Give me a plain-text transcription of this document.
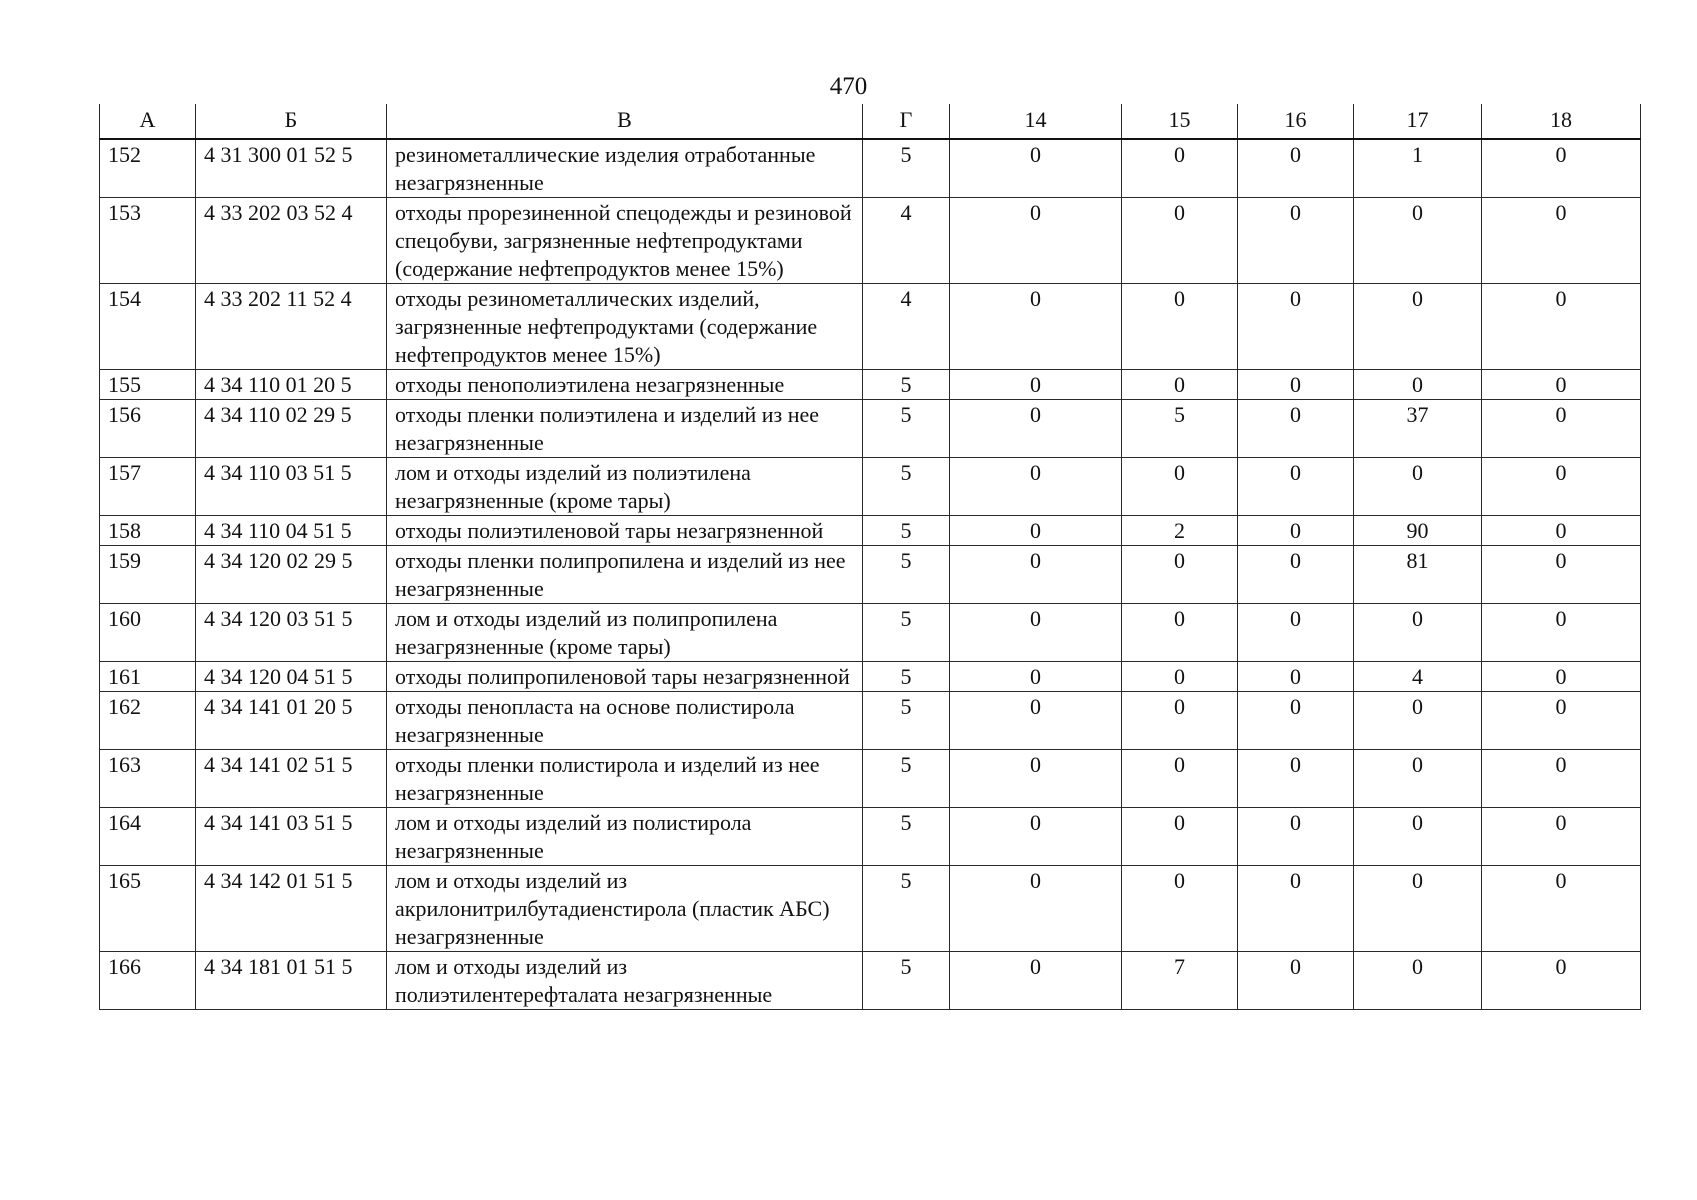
470
А	Б	В	Г	14	15	16	17	18
152	4 31 300 01 52 5	резинометаллические изделия отработанные незагрязненные	5	0	0	0	1	0
153	4 33 202 03 52 4	отходы прорезиненной спецодежды и резиновой спецобуви, загрязненные нефтепродуктами (содержание нефтепродуктов менее 15%)	4	0	0	0	0	0
154	4 33 202 11 52 4	отходы резинометаллических изделий, загрязненные нефтепродуктами (содержание нефтепродуктов менее 15%)	4	0	0	0	0	0
155	4 34 110 01 20 5	отходы пенополиэтилена незагрязненные	5	0	0	0	0	0
156	4 34 110 02 29 5	отходы пленки полиэтилена и изделий из нее незагрязненные	5	0	5	0	37	0
157	4 34 110 03 51 5	лом и отходы изделий из полиэтилена незагрязненные (кроме тары)	5	0	0	0	0	0
158	4 34 110 04 51 5	отходы полиэтиленовой тары незагрязненной	5	0	2	0	90	0
159	4 34 120 02 29 5	отходы пленки полипропилена и изделий из нее незагрязненные	5	0	0	0	81	0
160	4 34 120 03 51 5	лом и отходы изделий из полипропилена незагрязненные (кроме тары)	5	0	0	0	0	0
161	4 34 120 04 51 5	отходы полипропиленовой тары незагрязненной	5	0	0	0	4	0
162	4 34 141 01 20 5	отходы пенопласта на основе полистирола незагрязненные	5	0	0	0	0	0
163	4 34 141 02 51 5	отходы пленки полистирола и изделий из нее незагрязненные	5	0	0	0	0	0
164	4 34 141 03 51 5	лом и отходы изделий из полистирола незагрязненные	5	0	0	0	0	0
165	4 34 142 01 51 5	лом и отходы изделий из акрилонитрилбутадиенстирола (пластик АБС) незагрязненные	5	0	0	0	0	0
166	4 34 181 01 51 5	лом и отходы изделий из полиэтилентерефталата незагрязненные	5	0	7	0	0	0
